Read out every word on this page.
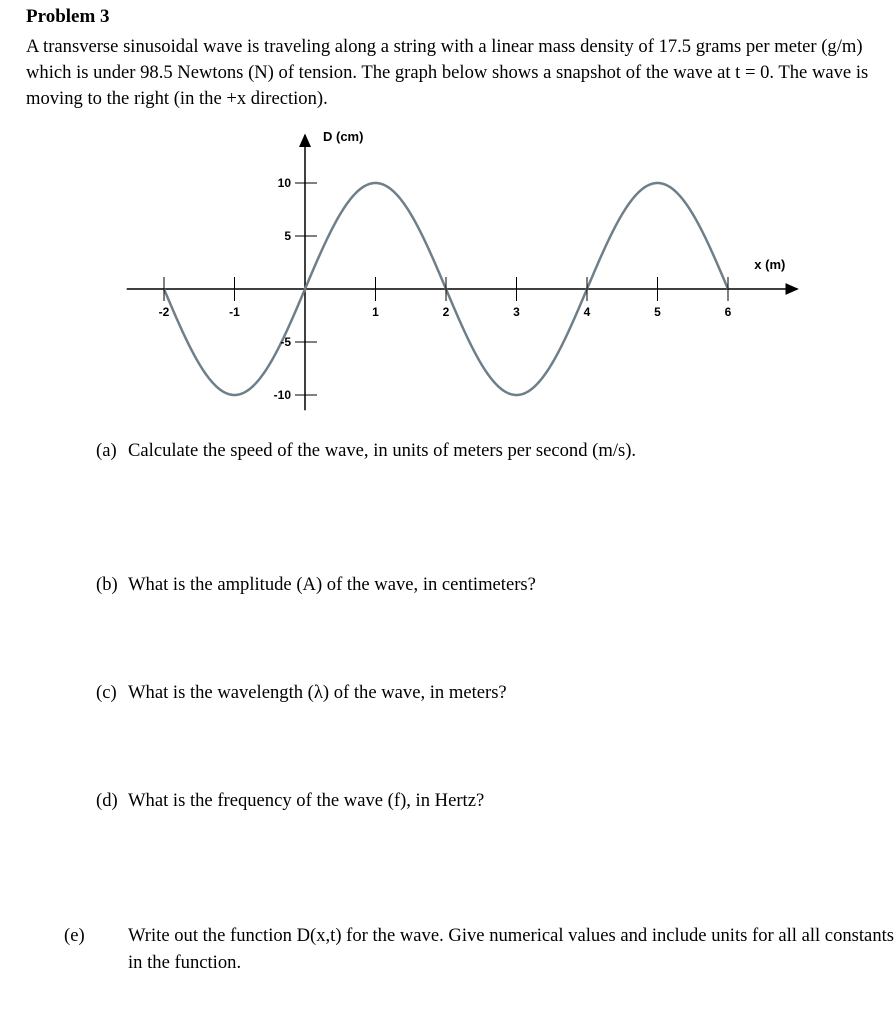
Problem 3
A transverse sinusoidal wave is traveling along a string with a linear mass density of 17.5 grams per meter (g/m) which is under 98.5 Newtons (N) of tension. The graph below shows a snapshot of the wave at t = 0. The wave is moving to the right (in the +x direction).
-2	-1	1	2	3	4	5	6
10
5
-5
-10
D (cm)
x (m)
(a) Calculate the speed of the wave, in units of meters per second (m/s).
(b) What is the amplitude (A) of the wave, in centimeters?
(c) What is the wavelength (λ) of the wave, in meters?
(d) What is the frequency of the wave (f), in Hertz?
(e) Write out the function D(x,t) for the wave. Give numerical values and include units for all all constants in the function.
